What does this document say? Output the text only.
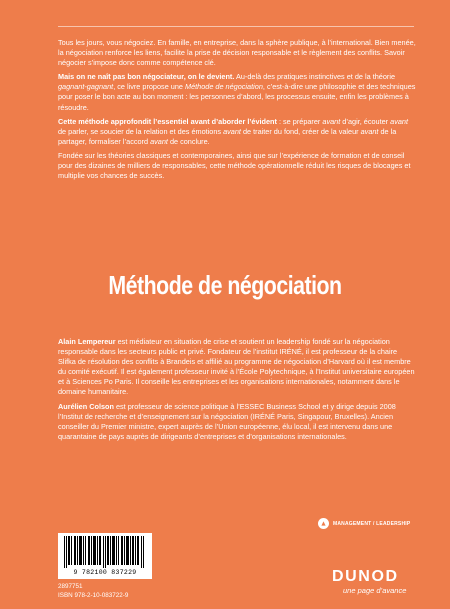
Tous les jours, vous négociez. En famille, en entreprise, dans la sphère publique, à l’international. Bien menée, la négociation renforce les liens, facilite la prise de décision responsable et le règlement des conflits. Savoir négocier s’impose donc comme compétence clé.

Mais on ne naît pas bon négociateur, on le devient. Au-delà des pratiques instinctives et de la théorie gagnant-gagnant, ce livre propose une Méthode de négociation, c’est-à-dire une philosophie et des techniques pour poser le bon acte au bon moment : les personnes d’abord, les processus ensuite, enfin les problèmes à résoudre.

Cette méthode approfondit l’essentiel avant d’aborder l’évident : se préparer avant d’agir, écouter avant de parler, se soucier de la relation et des émotions avant de traiter du fond, créer de la valeur avant de la partager, formaliser l’accord avant de conclure.

Fondée sur les théories classiques et contemporaines, ainsi que sur l’expérience de formation et de conseil pour des dizaines de milliers de responsables, cette méthode opérationnelle réduit les risques de blocages et multiplie vos chances de succès.

Méthode de négociation

Alain Lempereur est médiateur en situation de crise et soutient un leadership fondé sur la négociation responsable dans les secteurs public et privé. Fondateur de l’institut IRÉNÉ, il est professeur de la chaire Slifka de résolution des conflits à Brandeis et affilié au programme de négociation d’Harvard où il est membre du comité exécutif. Il est également professeur invité à l’École Polytechnique, à l’Institut universitaire européen et à Sciences Po Paris. Il conseille les entreprises et les organisations internationales, notamment dans le domaine humanitaire.

Aurélien Colson est professeur de science politique à l’ESSEC Business School et y dirige depuis 2008 l’Institut de recherche et d’enseignement sur la négociation (IRÉNÉ Paris, Singapour, Bruxelles). Ancien conseiller du Premier ministre, expert auprès de l’Union européenne, élu local, il est intervenu dans une quarantaine de pays auprès de dirigeants d’entreprises et d’organisations internationales.

MANAGEMENT / LEADERSHIP
9 782100 837229
2897751
ISBN 978-2-10-083722-9
DUNOD
une page d’avance
